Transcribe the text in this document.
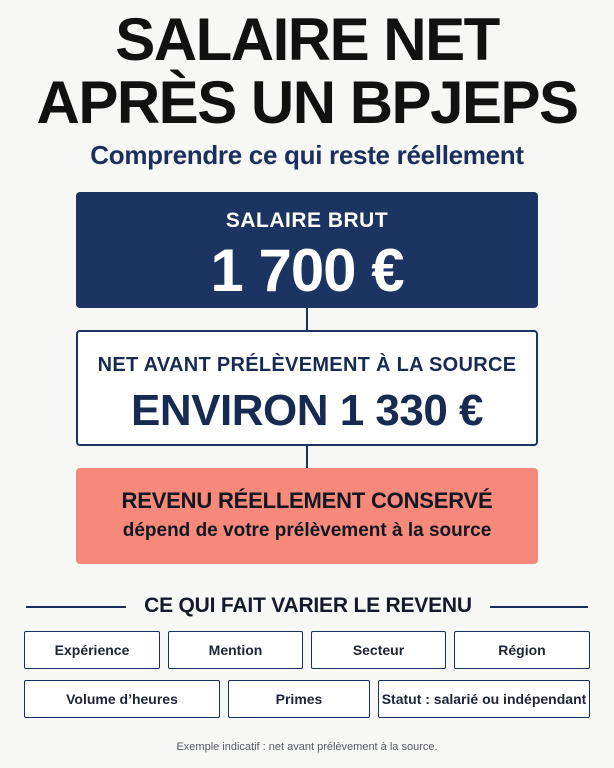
SALAIRE NET
APRÈS UN BPJEPS
Comprendre ce qui reste réellement
SALAIRE BRUT
1 700 €
NET AVANT PRÉLÈVEMENT À LA SOURCE
ENVIRON 1 330 €
REVENU RÉELLEMENT CONSERVÉ
dépend de votre prélèvement à la source
CE QUI FAIT VARIER LE REVENU
Expérience	Mention	Secteur	Région
Volume d’heures	Primes	Statut : salarié ou indépendant
Exemple indicatif : net avant prélèvement à la source.
